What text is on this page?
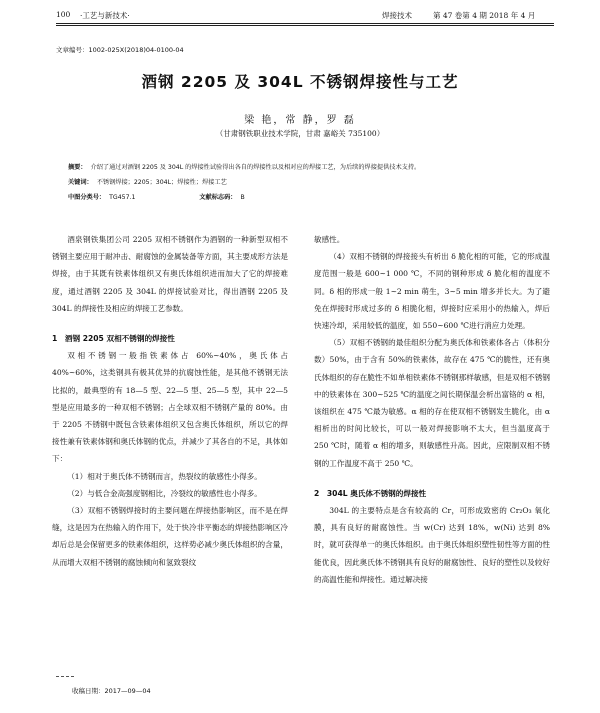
100 ·工艺与新技术·	焊接技术	第 47 卷第 4 期 2018 年 4 月
文章编号：1002-025X(2018)04-0100-04
酒钢 2205 及 304L 不锈钢焊接性与工艺
梁 艳，常 静，罗 磊
（甘肃钢铁职业技术学院，甘肃 嘉峪关 735100）
摘要： 介绍了通过对酒钢 2205 及 304L 的焊接性试验得出各自的焊接性以及相对应的焊接工艺，为后续的焊接提供技术支持。
关键词： 不锈钢焊接；2205；304L；焊接性；焊接工艺
中图分类号： TG457.1	文献标志码： B

酒泉钢铁集团公司 2205 双相不锈钢作为酒钢的一种新型双相不锈钢主要应用于耐冲击、耐腐蚀的金属装备等方面，其主要成形方法是焊接，由于其既有铁素体组织又有奥氏体组织进而加大了它的焊接难度，通过酒钢 2205 及 304L 的焊接试验对比，得出酒钢 2205 及 304L 的焊接性及相应的焊接工艺参数。

1　酒钢 2205 双相不锈钢的焊接性

双相不锈钢一般指铁素体占 60%~40%，奥氏体占 40%~60%，这类钢具有极其优异的抗腐蚀性能，是其他不锈钢无法比拟的，最典型的有 18—5 型、22—5 型、25—5 型，其中 22—5 型是应用最多的一种双相不锈钢；占全球双相不锈钢产量的 80%。由于 2205 不锈钢中既包含铁素体组织又包含奥氏体组织，所以它的焊接性兼有铁素体钢和奥氏体钢的优点，并减少了其各自的不足，具体如下：

（1）相对于奥氏体不锈钢而言，热裂纹的敏感性小得多。

（2）与低合金高强度钢相比，冷裂纹的敏感性也小得多。

（3）双相不锈钢焊接时的主要问题在焊接热影响区，而不是在焊缝，这是因为在热输入的作用下，处于快冷非平衡态的焊接热影响区冷却后总是会保留更多的铁素体组织，这样势必减少奥氏体组织的含量，从而增大双相不锈钢的腐蚀倾向和氢致裂纹

敏感性。

（4）双相不锈钢的焊接接头有析出 δ 脆化相的可能，它的形成温度范围一般是 600~1 000 ℃，不同的钢种形成 δ 脆化相的温度不同。δ 相的形成一般 1~2 min 萌生，3~5 min 增多并长大。为了避免在焊接时形成过多的 δ 相脆化相，焊接时应采用小的热输入，焊后快速冷却，采用较低的温度，如 550~600 ℃进行消应力处理。

（5）双相不锈钢的最佳组织分配为奥氏体和铁素体各占（体积分数）50%，由于含有 50%的铁素体，故存在 475 ℃的脆性，还有奥氏体组织的存在脆性不如单相铁素体不锈钢那样敏感，但是双相不锈钢中的铁素体在 300~525 ℃的温度之间长期保温会析出富铬的 α 相，该组织在 475 ℃最为敏感。α 相的存在使双相不锈钢发生脆化，由 α 相析出的时间比较长，可以一般对焊接影响不太大，但当温度高于 250 ℃时，随着 α 相的增多，则敏感性升高。因此，应限制双相不锈钢的工作温度不高于 250 ℃。

2　304L 奥氏体不锈钢的焊接性

304L 的主要特点是含有较高的 Cr，可形成致密的 Cr₂O₃ 氧化膜，具有良好的耐腐蚀性。当 w(Cr) 达到 18%，w(Ni) 达到 8% 时，就可获得单一的奥氏体组织。由于奥氏体组织塑性韧性等方面的性能优良，因此奥氏体不锈钢具有良好的耐腐蚀性、良好的塑性以及较好的高温性能和焊接性。通过解决接

收稿日期：2017—09—04
